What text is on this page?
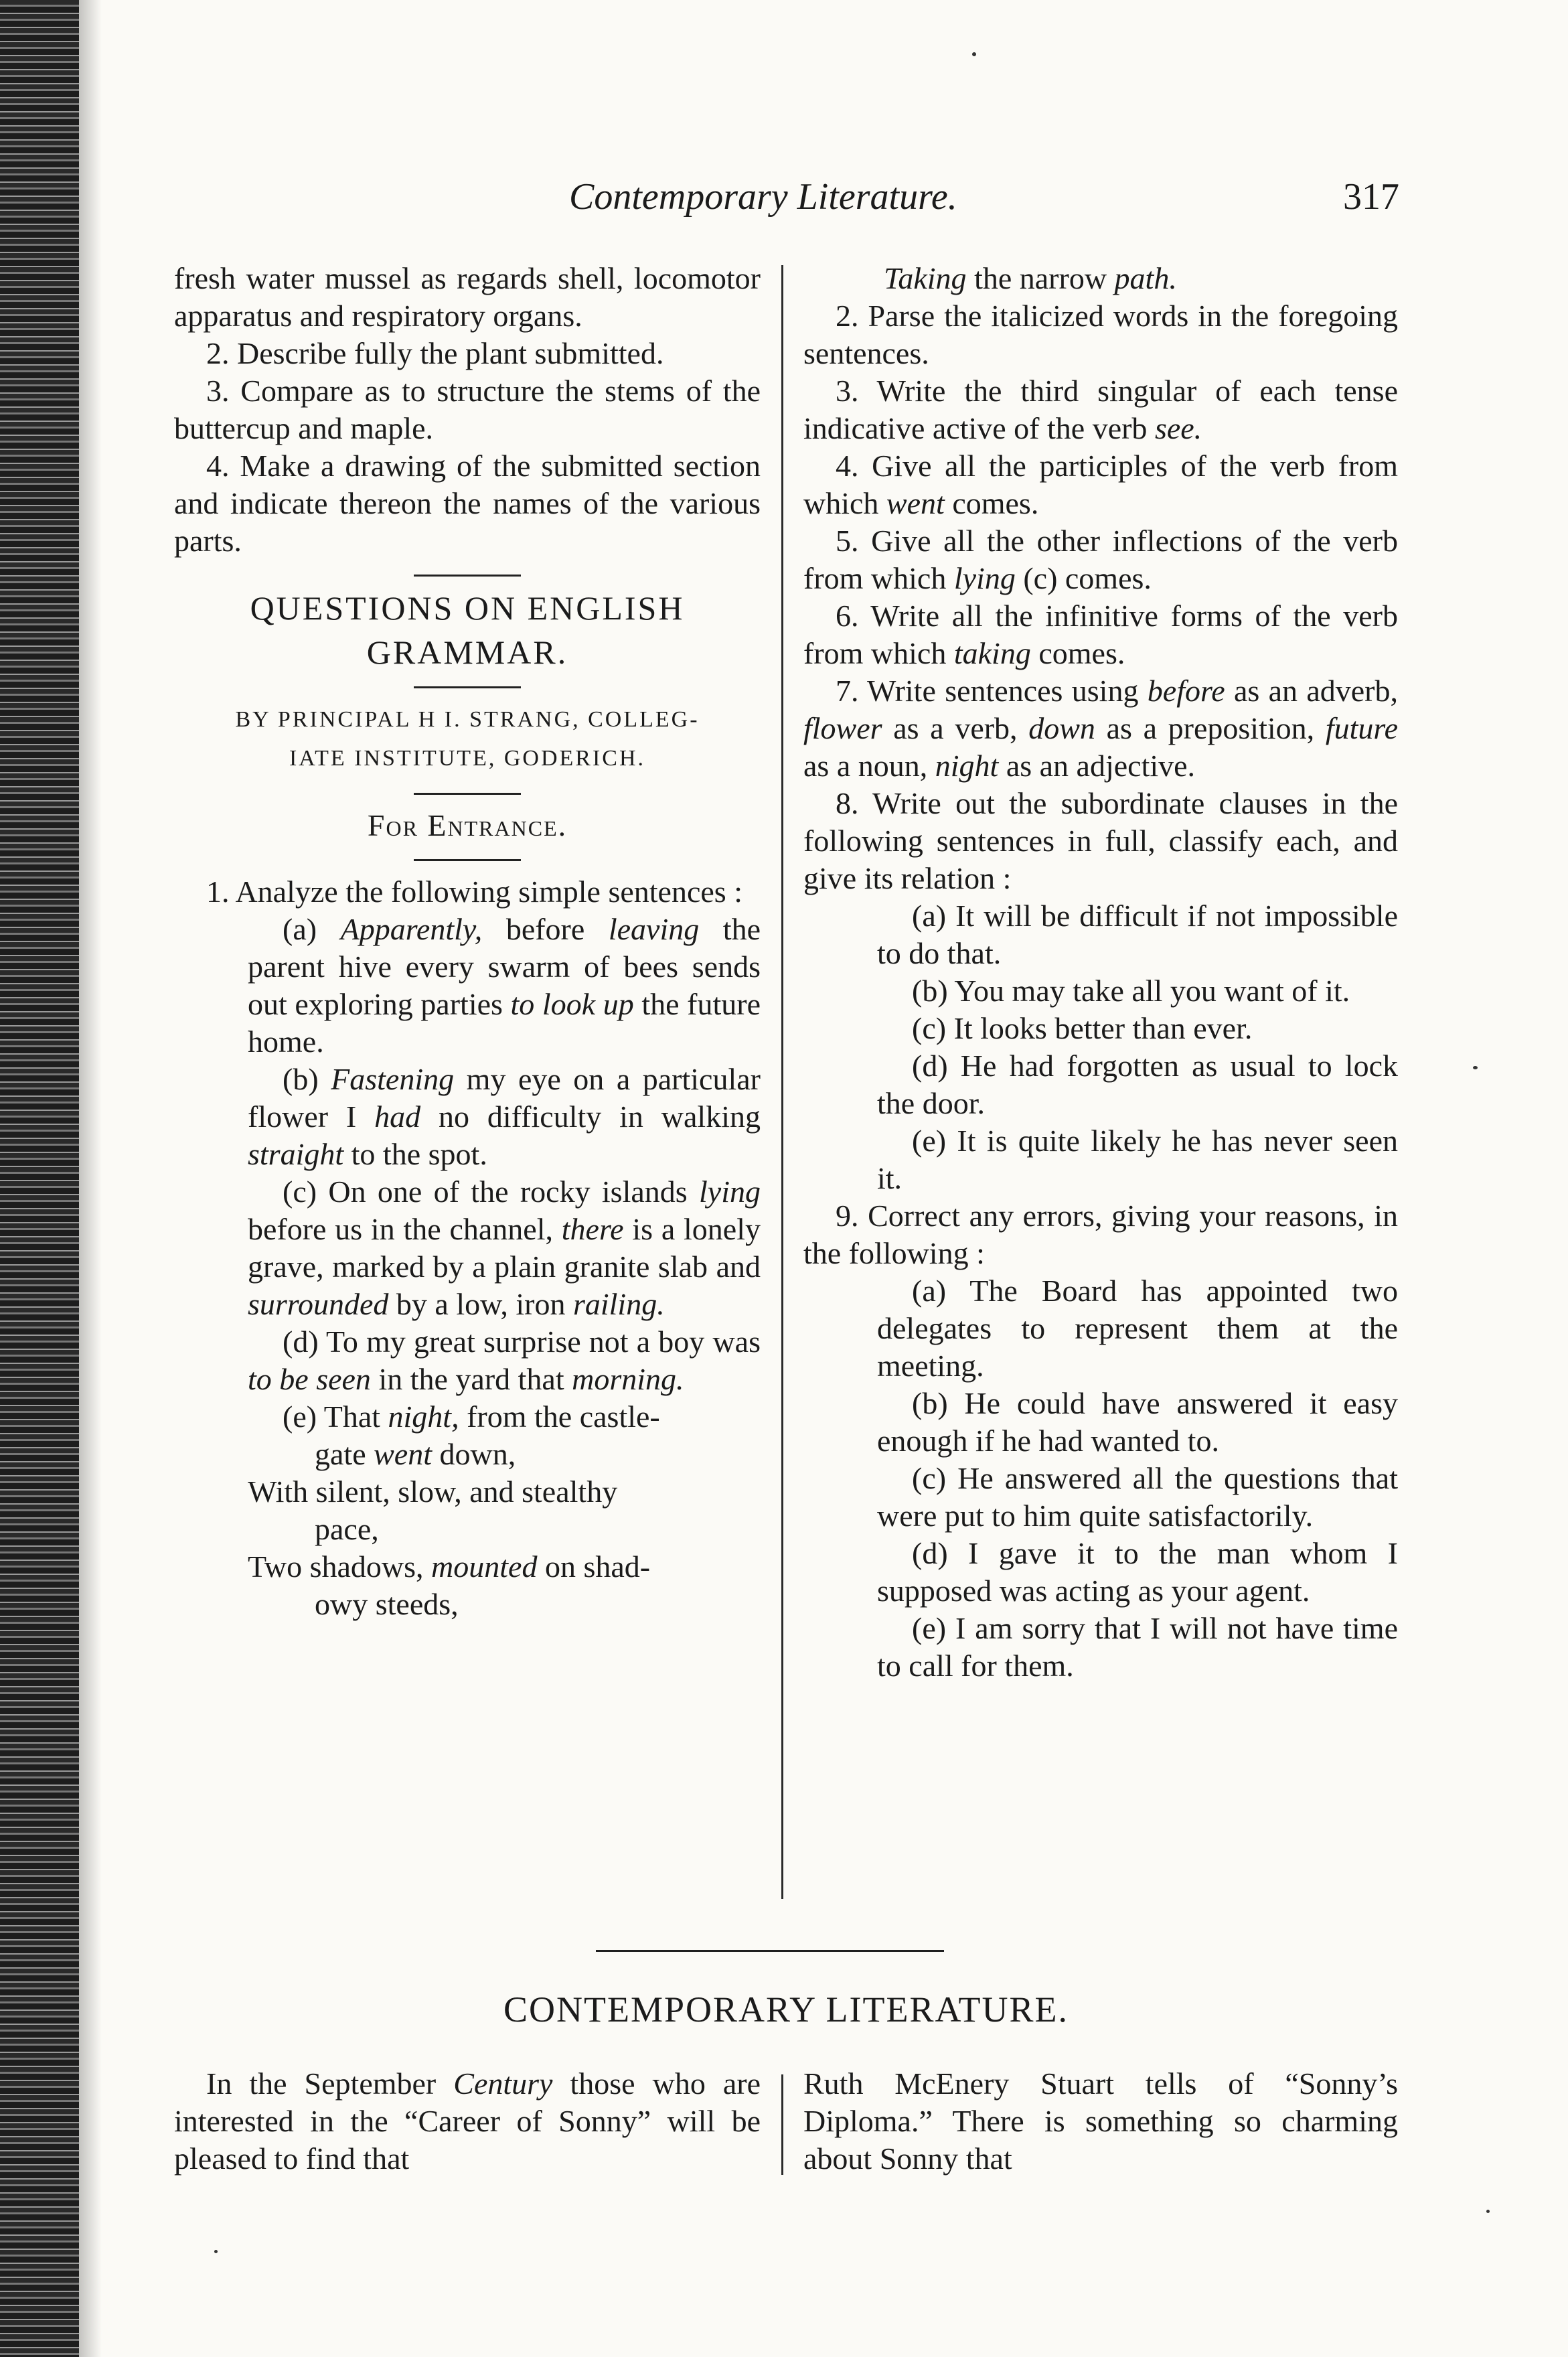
Contemporary Literature.	317

fresh water mussel as regards shell, locomotor apparatus and respiratory organs.

2. Describe fully the plant submitted.

3. Compare as to structure the stems of the buttercup and maple.

4. Make a drawing of the submitted section and indicate thereon the names of the various parts.

QUESTIONS ON ENGLISH

GRAMMAR.

BY PRINCIPAL H I. STRANG, COLLEG-

IATE INSTITUTE, GODERICH.

For Entrance.

1. Analyze the following simple sentences :

(a) Apparently, before leaving the parent hive every swarm of bees sends out exploring parties to look up the future home.

(b) Fastening my eye on a particular flower I had no difficulty in walking straight to the spot.

(c) On one of the rocky islands lying before us in the channel, there is a lonely grave, marked by a plain granite slab and surrounded by a low, iron railing.

(d) To my great surprise not a boy was to be seen in the yard that morning.

(e) That night, from the castle-

gate went down,

With silent, slow, and stealthy

pace,

Two shadows, mounted on shad-

owy steeds,

Taking the narrow path.

2. Parse the italicized words in the foregoing sentences.

3. Write the third singular of each tense indicative active of the verb see.

4. Give all the participles of the verb from which went comes.

5. Give all the other inflections of the verb from which lying (c) comes.

6. Write all the infinitive forms of the verb from which taking comes.

7. Write sentences using before as an adverb, flower as a verb, down as a preposition, future as a noun, night as an adjective.

8. Write out the subordinate clauses in the following sentences in full, classify each, and give its relation :

(a) It will be difficult if not impossible to do that.

(b) You may take all you want of it.

(c) It looks better than ever.

(d) He had forgotten as usual to lock the door.

(e) It is quite likely he has never seen it.

9. Correct any errors, giving your reasons, in the following :

(a) The Board has appointed two delegates to represent them at the meeting.

(b) He could have answered it easy enough if he had wanted to.

(c) He answered all the questions that were put to him quite satisfactorily.

(d) I gave it to the man whom I supposed was acting as your agent.

(e) I am sorry that I will not have time to call for them.

CONTEMPORARY LITERATURE.

In the September Century those who are interested in the “Career of Sonny” will be pleased to find that

Ruth McEnery Stuart tells of “Sonny’s Diploma.” There is something so charming about Sonny that
